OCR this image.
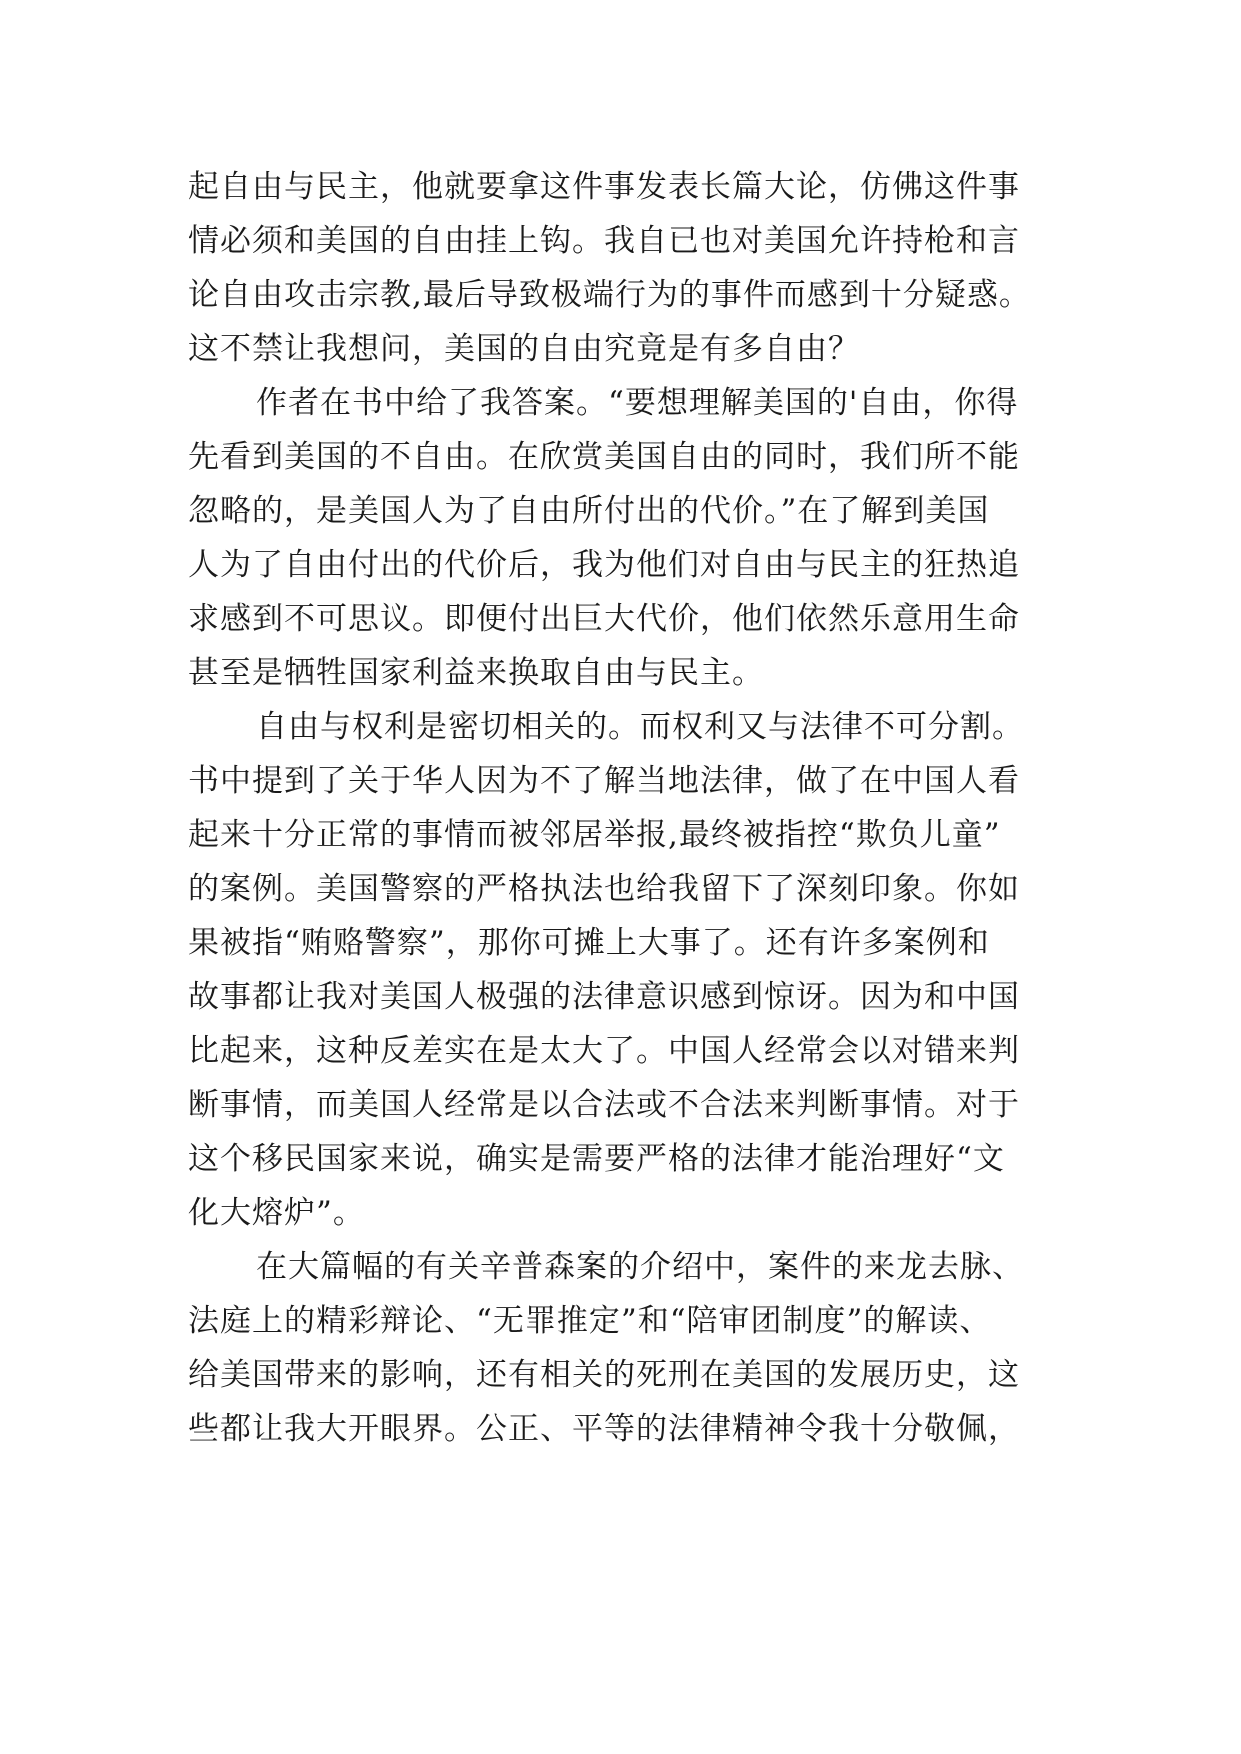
起自由与民主，他就要拿这件事发表长篇大论，仿佛这件事
情必须和美国的自由挂上钩。我自已也对美国允许持枪和言
论自由攻击宗教,最后导致极端行为的事件而感到十分疑惑。
这不禁让我想问，美国的自由究竟是有多自由？
作者在书中给了我答案。“要想理解美国的'自由，你得
先看到美国的不自由。在欣赏美国自由的同时，我们所不能
忽略的，是美国人为了自由所付出的代价。”在了解到美国
人为了自由付出的代价后，我为他们对自由与民主的狂热追
求感到不可思议。即便付出巨大代价，他们依然乐意用生命
甚至是牺牲国家利益来换取自由与民主。
自由与权利是密切相关的。而权利又与法律不可分割。
书中提到了关于华人因为不了解当地法律，做了在中国人看
起来十分正常的事情而被邻居举报,最终被指控“欺负儿童”
的案例。美国警察的严格执法也给我留下了深刻印象。你如
果被指“贿赂警察”，那你可摊上大事了。还有许多案例和
故事都让我对美国人极强的法律意识感到惊讶。因为和中国
比起来，这种反差实在是太大了。中国人经常会以对错来判
断事情，而美国人经常是以合法或不合法来判断事情。对于
这个移民国家来说，确实是需要严格的法律才能治理好“文
化大熔炉”。
在大篇幅的有关辛普森案的介绍中，案件的来龙去脉、
法庭上的精彩辩论、“无罪推定”和“陪审团制度”的解读、
给美国带来的影响，还有相关的死刑在美国的发展历史，这
些都让我大开眼界。公正、平等的法律精神令我十分敬佩，
